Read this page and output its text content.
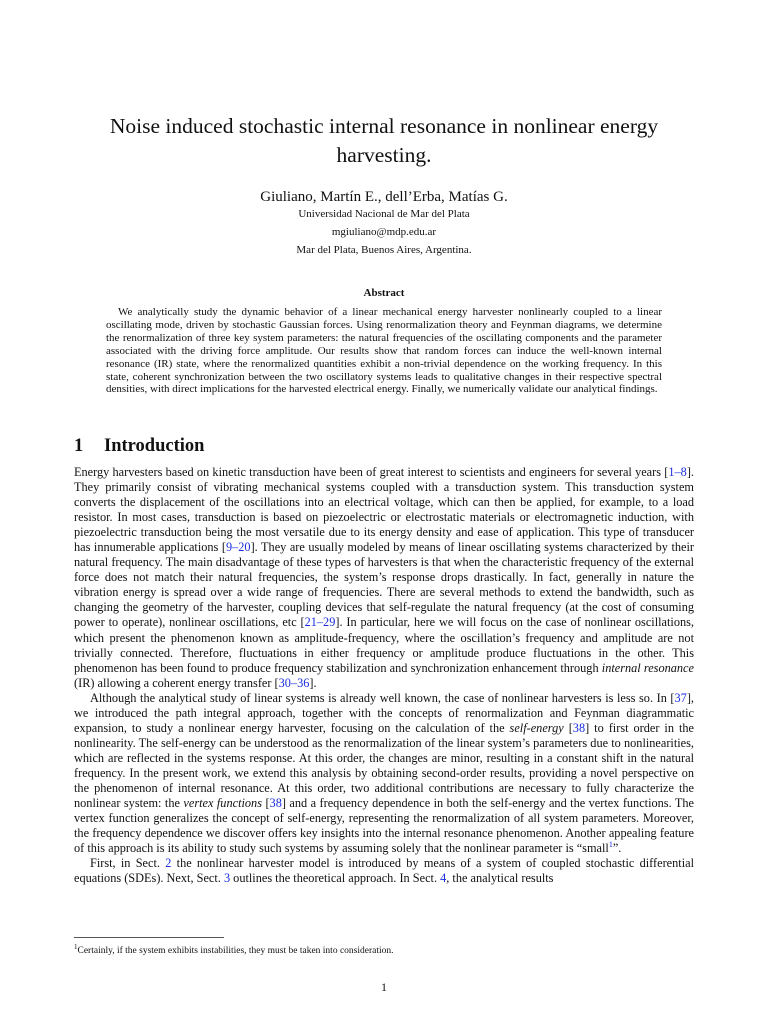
Noise induced stochastic internal resonance in nonlinear energy harvesting.
Giuliano, Martín E., dell’Erba, Matías G.
Universidad Nacional de Mar del Plata
mgiuliano@mdp.edu.ar
Mar del Plata, Buenos Aires, Argentina.
Abstract

We analytically study the dynamic behavior of a linear mechanical energy harvester nonlinearly coupled to a linear oscillating mode, driven by stochastic Gaussian forces. Using renormalization theory and Feynman diagrams, we determine the renormalization of three key system parameters: the natural frequencies of the oscillating components and the parameter associated with the driving force amplitude. Our results show that random forces can induce the well-known internal resonance (IR) state, where the renormalized quantities exhibit a non-trivial dependence on the working frequency. In this state, coherent synchronization between the two oscillatory systems leads to qualitative changes in their respective spectral densities, with direct implications for the harvested electrical energy. Finally, we numerically validate our analytical findings.

1 Introduction

Energy harvesters based on kinetic transduction have been of great interest to scientists and engineers for several years [1–8]. They primarily consist of vibrating mechanical systems coupled with a transduction system. This transduction system converts the displacement of the oscillations into an electrical voltage, which can then be applied, for example, to a load resistor. In most cases, transduction is based on piezoelectric or electrostatic materials or electromagnetic induction, with piezoelectric transduction being the most versatile due to its energy density and ease of application. This type of transducer has innumerable applications [9–20]. They are usually modeled by means of linear oscillating systems characterized by their natural frequency. The main disadvantage of these types of harvesters is that when the characteristic frequency of the external force does not match their natural frequencies, the system’s response drops drastically. In fact, generally in nature the vibration energy is spread over a wide range of frequencies. There are several methods to extend the bandwidth, such as changing the geometry of the harvester, coupling devices that self-regulate the natural frequency (at the cost of consuming power to operate), nonlinear oscillations, etc [21–29]. In particular, here we will focus on the case of nonlinear oscillations, which present the phenomenon known as amplitude-frequency, where the oscillation’s frequency and amplitude are not trivially connected. Therefore, fluctuations in either frequency or amplitude produce fluctuations in the other. This phenomenon has been found to produce frequency stabilization and synchronization enhancement through internal resonance (IR) allowing a coherent energy transfer [30–36].

Although the analytical study of linear systems is already well known, the case of nonlinear harvesters is less so. In [37], we introduced the path integral approach, together with the concepts of renormalization and Feynman diagrammatic expansion, to study a nonlinear energy harvester, focusing on the calculation of the self-energy [38] to first order in the nonlinearity. The self-energy can be understood as the renormalization of the linear system’s parameters due to nonlinearities, which are reflected in the systems response. At this order, the changes are minor, resulting in a constant shift in the natural frequency. In the present work, we extend this analysis by obtaining second-order results, providing a novel perspective on the phenomenon of internal resonance. At this order, two additional contributions are necessary to fully characterize the nonlinear system: the vertex functions [38] and a frequency dependence in both the self-energy and the vertex functions. The vertex function generalizes the concept of self-energy, representing the renormalization of all system parameters. Moreover, the frequency dependence we discover offers key insights into the internal resonance phenomenon. Another appealing feature of this approach is its ability to study such systems by assuming solely that the nonlinear parameter is “small$^1$”.

First, in Sect. 2 the nonlinear harvester model is introduced by means of a system of coupled stochastic differential equations (SDEs). Next, Sect. 3 outlines the theoretical approach. In Sect. 4, the analytical results

$^1$Certainly, if the system exhibits instabilities, they must be taken into consideration.
1
